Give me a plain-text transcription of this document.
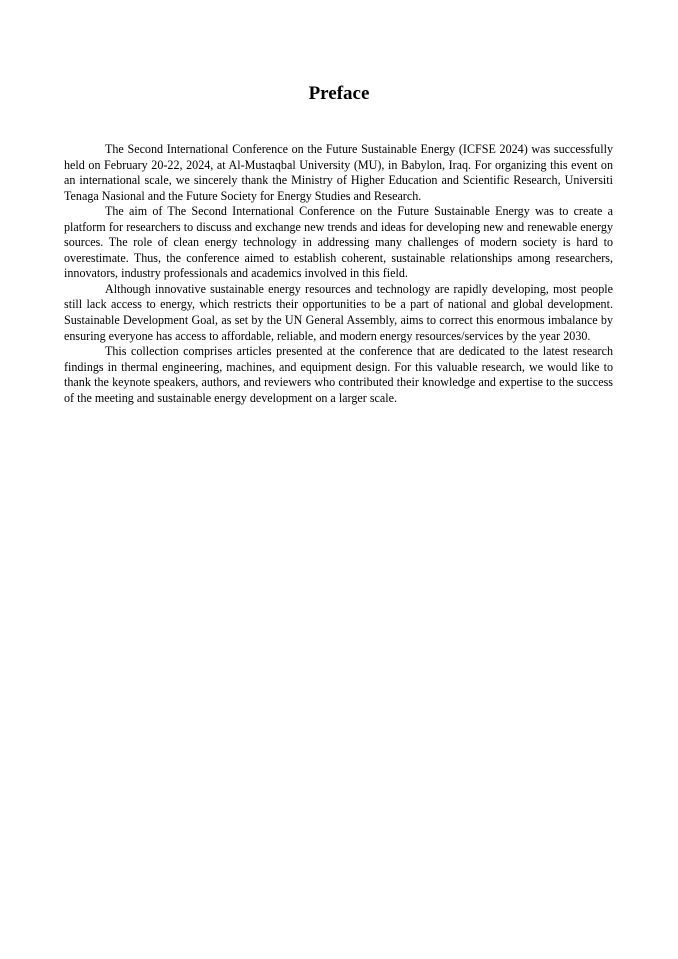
Preface

The Second International Conference on the Future Sustainable Energy (ICFSE 2024) was successfully held on February 20-22, 2024, at Al-Mustaqbal University (MU), in Babylon, Iraq. For organizing this event on an international scale, we sincerely thank the Ministry of Higher Education and Scientific Research, Universiti Tenaga Nasional and the Future Society for Energy Studies and Research.

The aim of The Second International Conference on the Future Sustainable Energy was to create a platform for researchers to discuss and exchange new trends and ideas for developing new and renewable energy sources. The role of clean energy technology in addressing many challenges of modern society is hard to overestimate. Thus, the conference aimed to establish coherent, sustainable relationships among researchers, innovators, industry professionals and academics involved in this field.

Although innovative sustainable energy resources and technology are rapidly developing, most people still lack access to energy, which restricts their opportunities to be a part of national and global development. Sustainable Development Goal, as set by the UN General Assembly, aims to correct this enormous imbalance by ensuring everyone has access to affordable, reliable, and modern energy resources/services by the year 2030.

This collection comprises articles presented at the conference that are dedicated to the latest research findings in thermal engineering, machines, and equipment design. For this valuable research, we would like to thank the keynote speakers, authors, and reviewers who contributed their knowledge and expertise to the success of the meeting and sustainable energy development on a larger scale.
